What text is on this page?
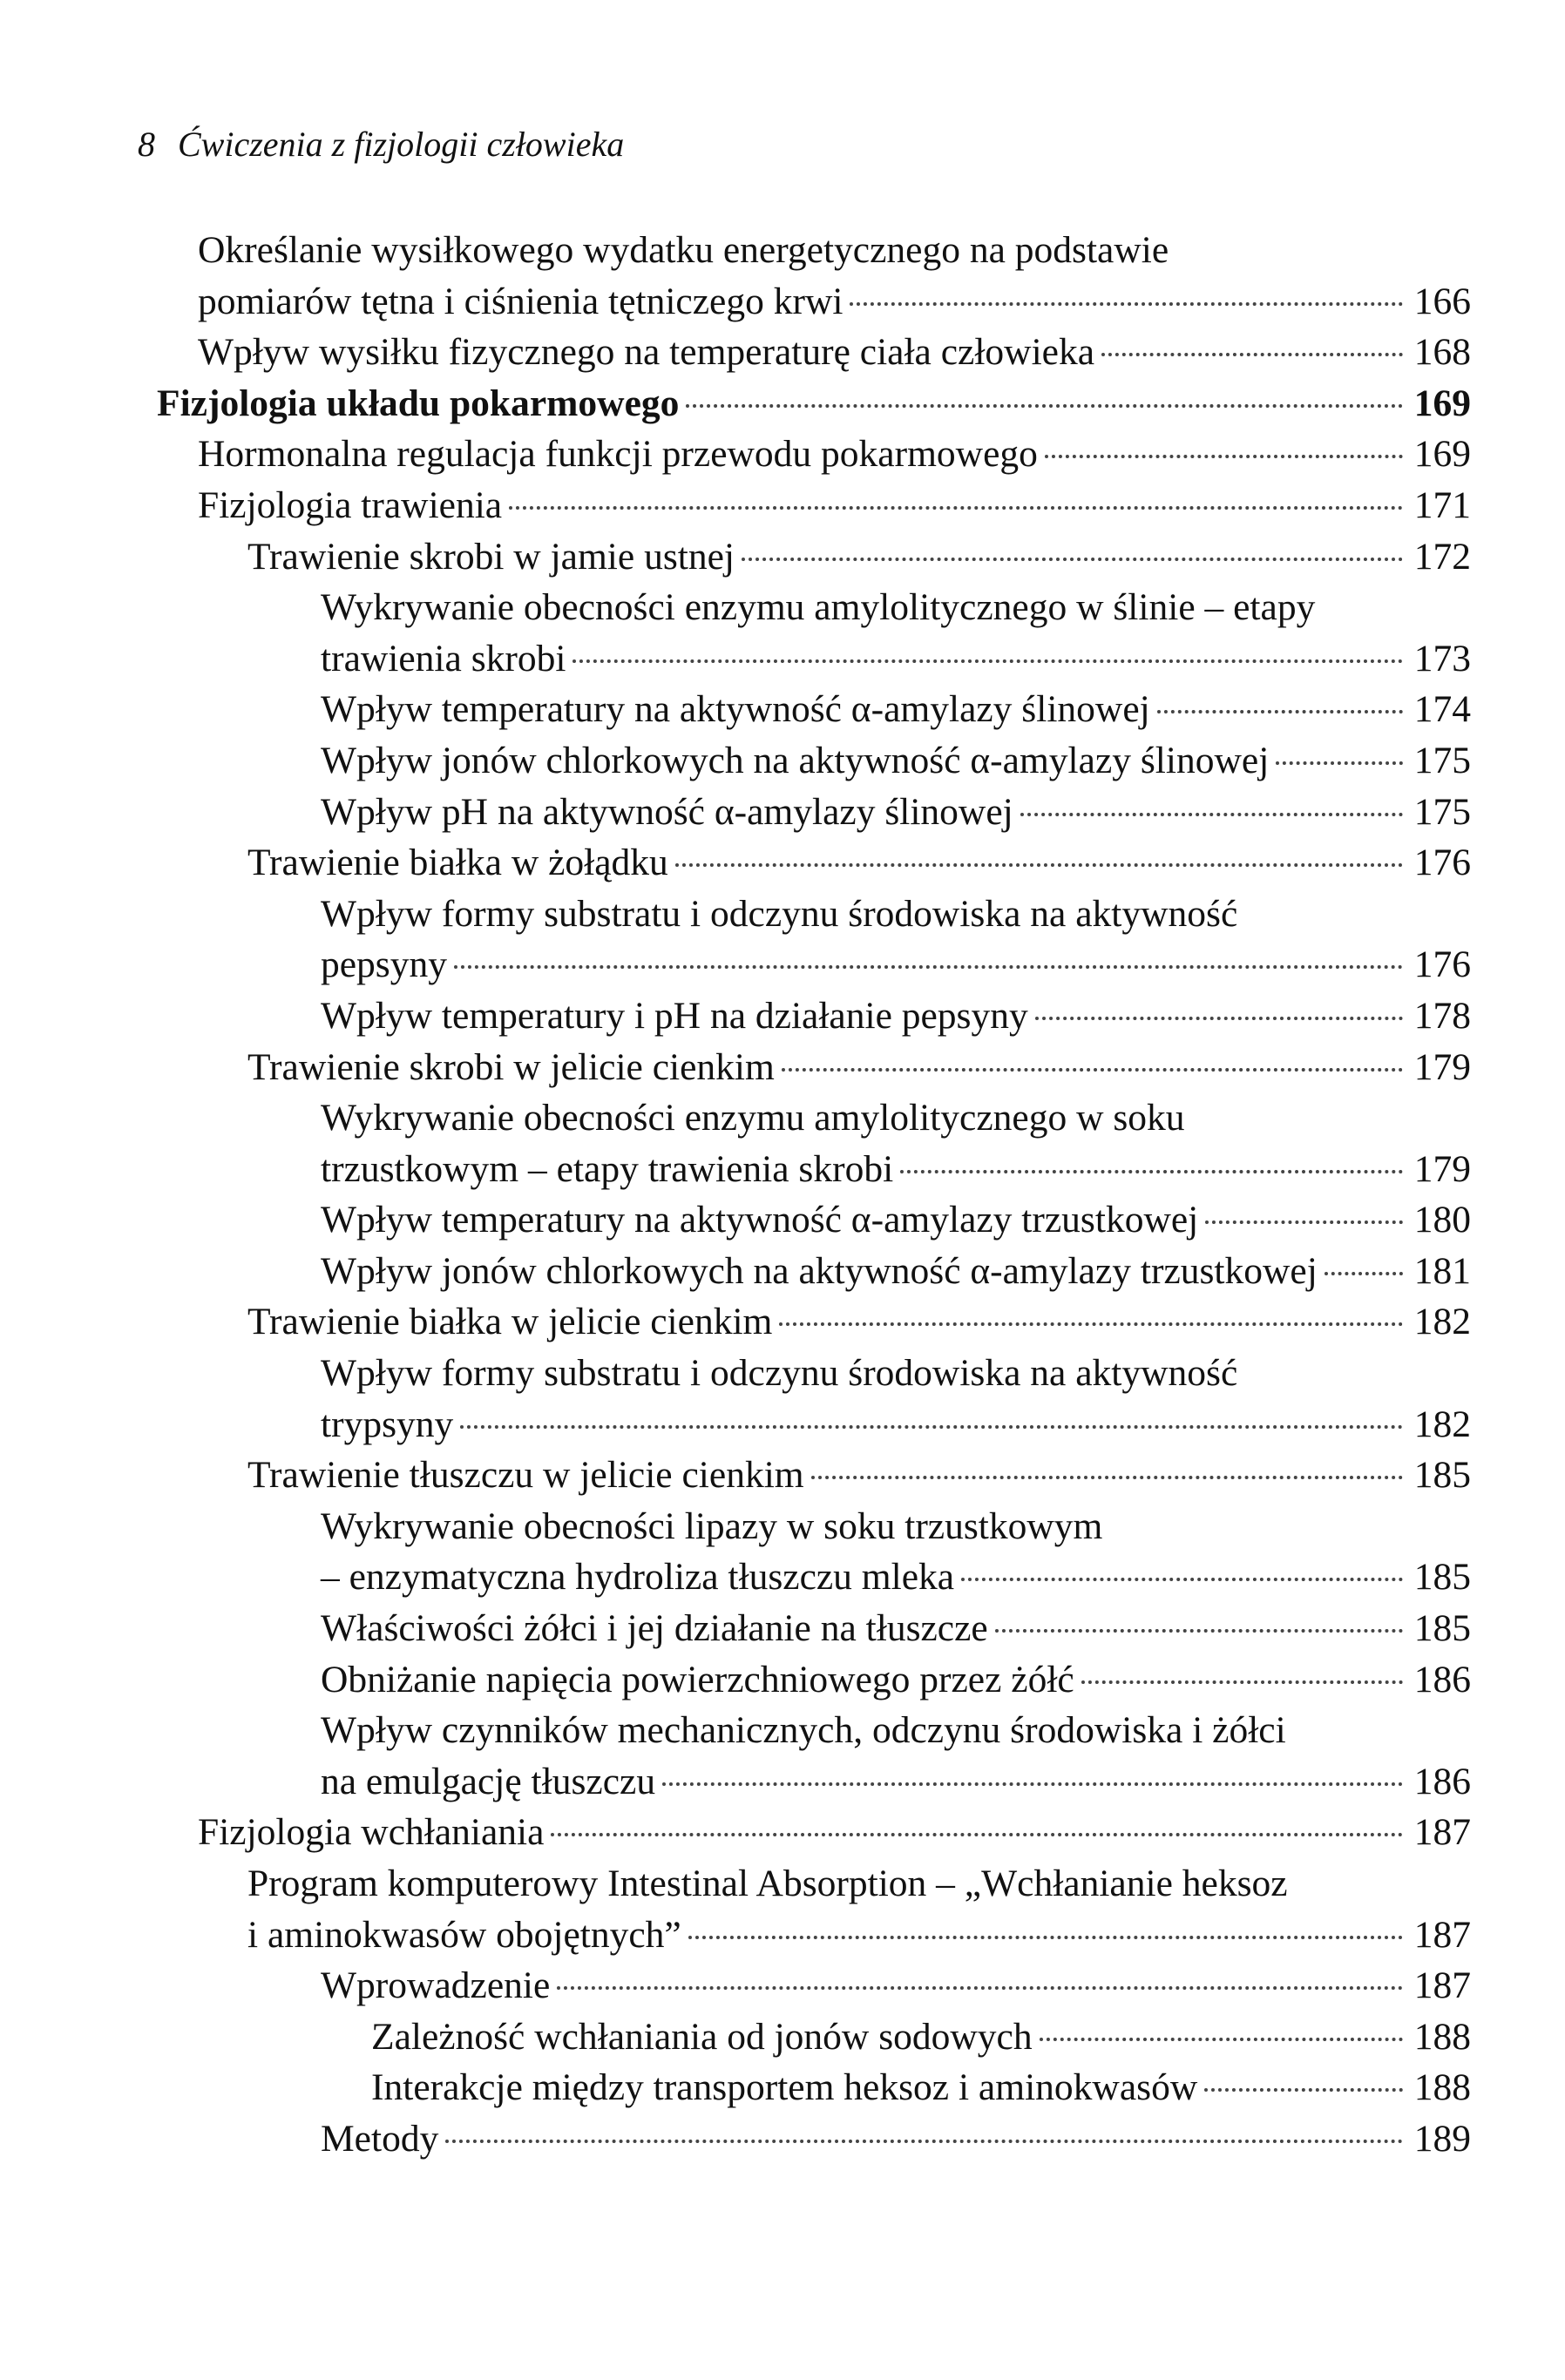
8 Ćwiczenia z fizjologii człowieka
Określanie wysiłkowego wydatku energetycznego na podstawie
pomiarów tętna i ciśnienia tętniczego krwi	166
Wpływ wysiłku fizycznego na temperaturę ciała człowieka	168
Fizjologia układu pokarmowego	169
Hormonalna regulacja funkcji przewodu pokarmowego	169
Fizjologia trawienia	171
Trawienie skrobi w jamie ustnej	172
Wykrywanie obecności enzymu amylolitycznego w ślinie – etapy
trawienia skrobi	173
Wpływ temperatury na aktywność α-amylazy ślinowej	174
Wpływ jonów chlorkowych na aktywność α-amylazy ślinowej	175
Wpływ pH na aktywność α-amylazy ślinowej	175
Trawienie białka w żołądku	176
Wpływ formy substratu i odczynu środowiska na aktywność
pepsyny	176
Wpływ temperatury i pH na działanie pepsyny	178
Trawienie skrobi w jelicie cienkim	179
Wykrywanie obecności enzymu amylolitycznego w soku
trzustkowym – etapy trawienia skrobi	179
Wpływ temperatury na aktywność α-amylazy trzustkowej	180
Wpływ jonów chlorkowych na aktywność α-amylazy trzustkowej	181
Trawienie białka w jelicie cienkim	182
Wpływ formy substratu i odczynu środowiska na aktywność
trypsyny	182
Trawienie tłuszczu w jelicie cienkim	185
Wykrywanie obecności lipazy w soku trzustkowym
– enzymatyczna hydroliza tłuszczu mleka	185
Właściwości żółci i jej działanie na tłuszcze	185
Obniżanie napięcia powierzchniowego przez żółć	186
Wpływ czynników mechanicznych, odczynu środowiska i żółci
na emulgację tłuszczu	186
Fizjologia wchłaniania	187
Program komputerowy Intestinal Absorption – „Wchłanianie heksoz
i aminokwasów obojętnych”	187
Wprowadzenie	187
Zależność wchłaniania od jonów sodowych	188
Interakcje między transportem heksoz i aminokwasów	188
Metody	189
